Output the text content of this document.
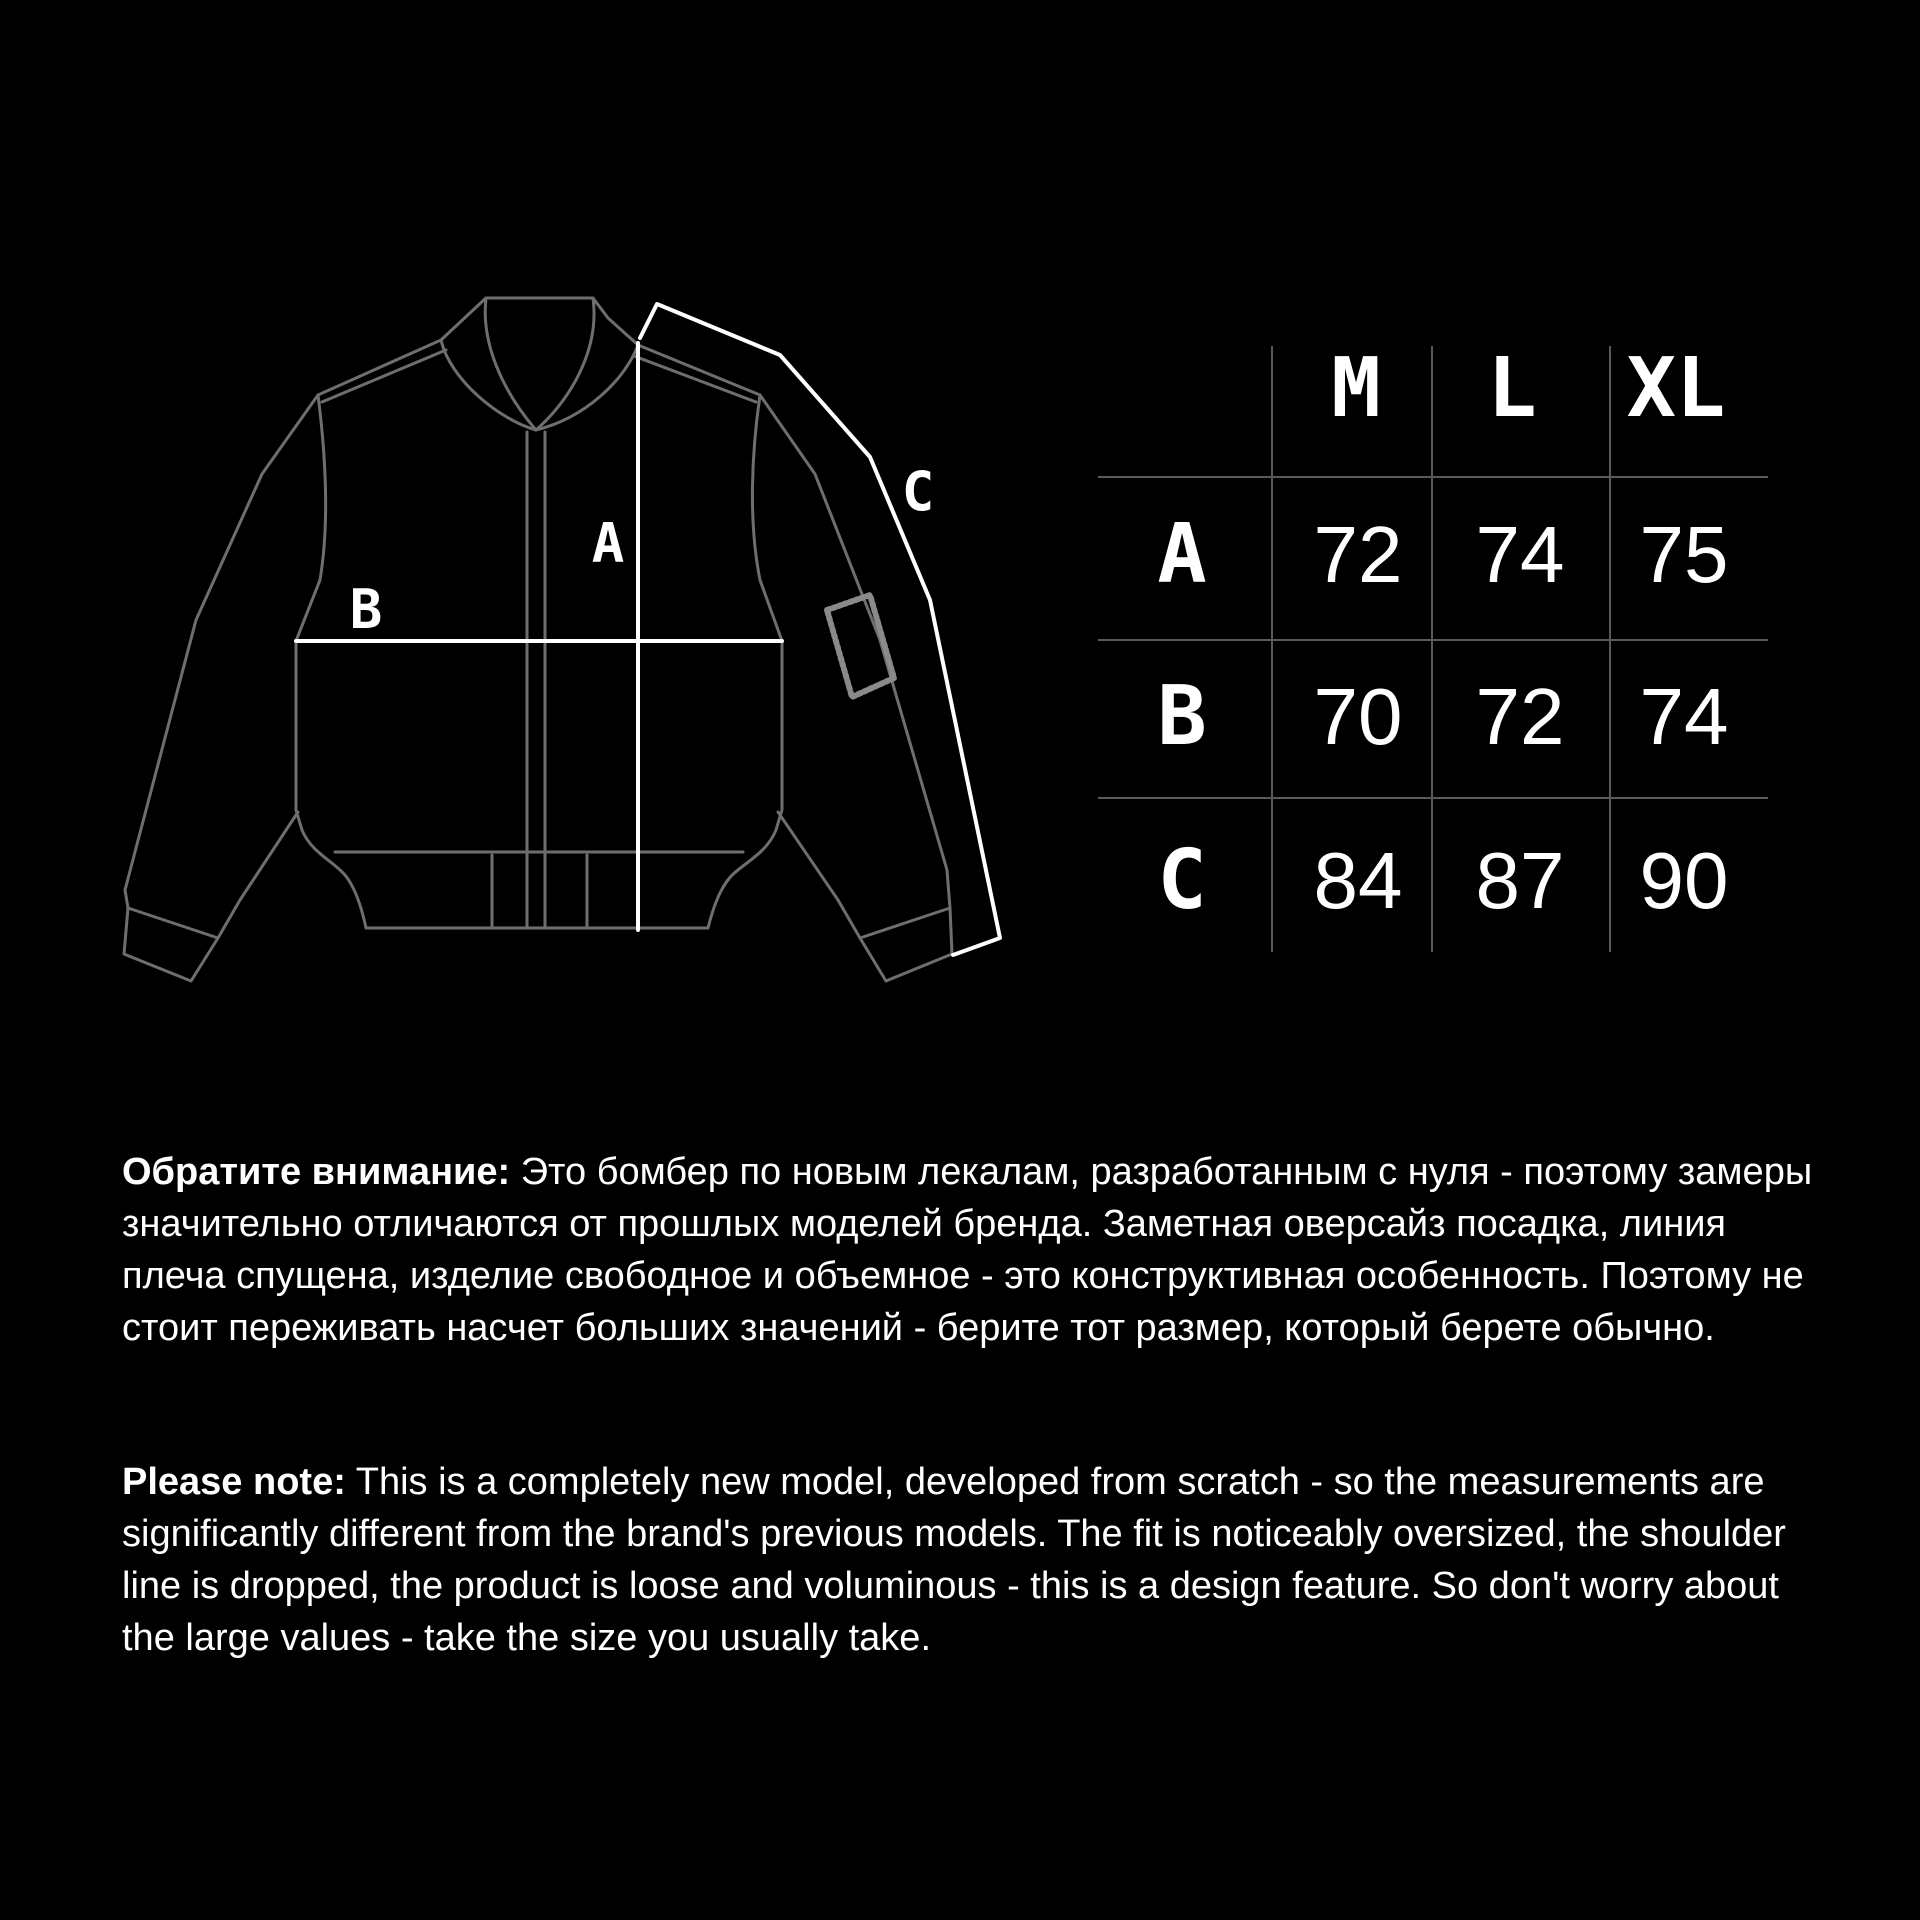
A
B
C
M L XL
A 72 74 75
B 70 72 74
C 84 87 90

Обратите внимание: Это бомбер по новым лекалам, разработанным с нуля - поэтому замеры значительно отличаются от прошлых моделей бренда. Заметная оверсайз посадка, линия плеча спущена, изделие свободное и объемное - это конструктивная особенность. Поэтому не стоит переживать насчет больших значений - берите тот размер, который берете обычно.

Please note: This is a completely new model, developed from scratch - so the measurements are significantly different from the brand's previous models. The fit is noticeably oversized, the shoulder line is dropped, the product is loose and voluminous - this is a design feature. So don't worry about the large values - take the size you usually take.
